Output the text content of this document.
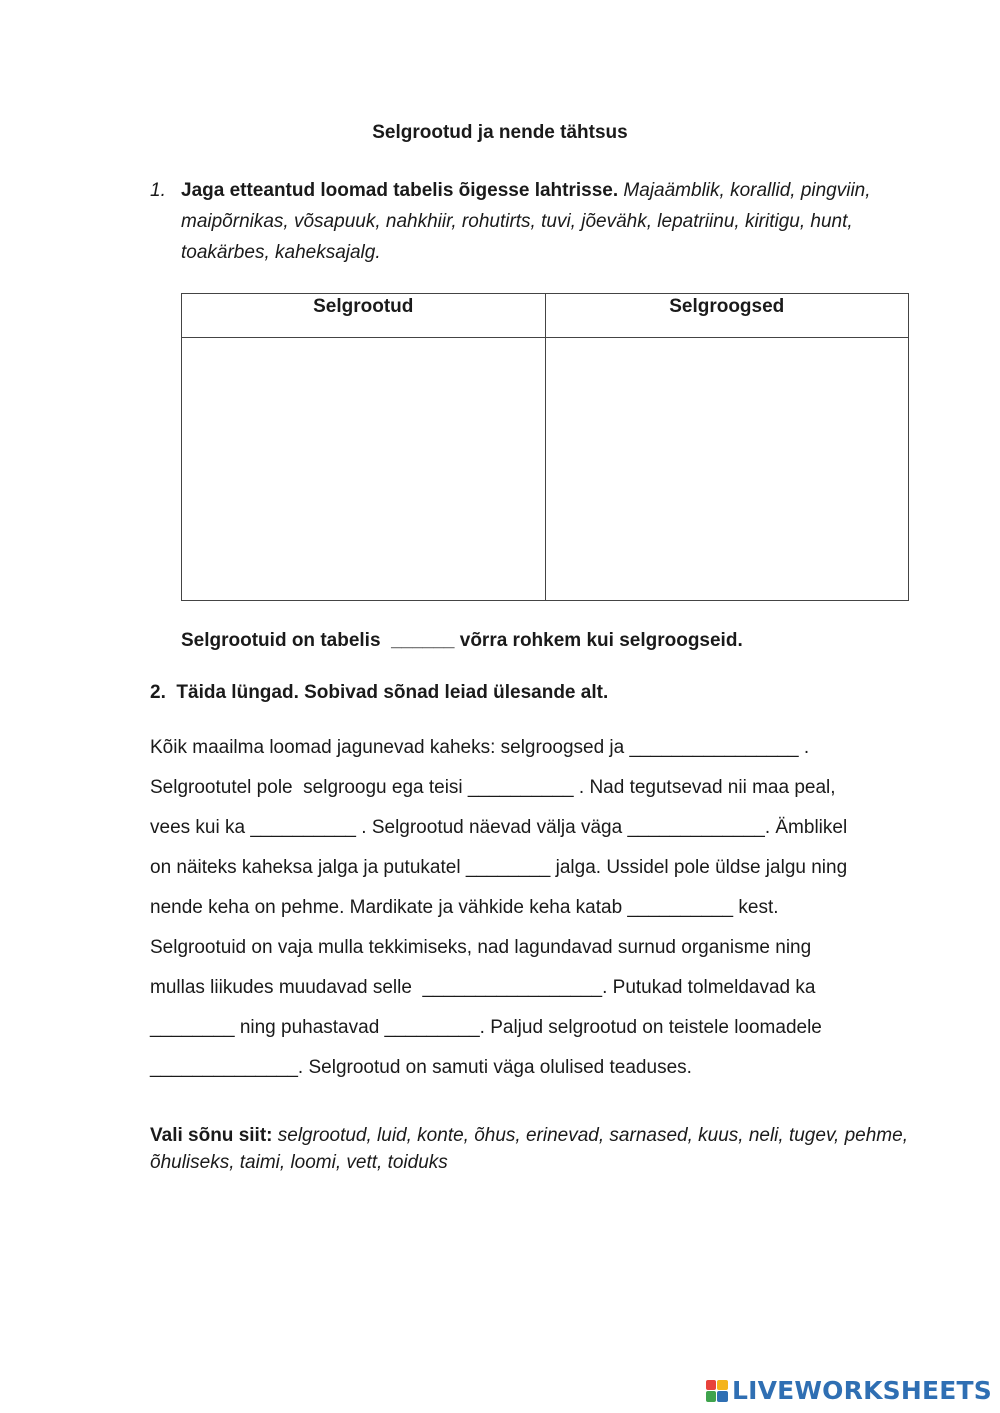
Selgrootud ja nende tähtsus
1. Jaga etteantud loomad tabelis õigesse lahtrisse. Majaämblik, korallid, pingviin, maipõrnikas, võsapuuk, nahkhiir, rohutirts, tuvi, jõevähk, lepatriinu, kiritigu, hunt, toakärbes, kaheksajalg.
Selgrootud	Selgroogsed

Selgrootuid on tabelis  ______ võrra rohkem kui selgroogseid.
2.  Täida lüngad. Sobivad sõnad leiad ülesande alt.
Kõik maailma loomad jagunevad kaheks: selgroogsed ja ________________ .
Selgrootutel pole  selgroogu ega teisi __________ . Nad tegutsevad nii maa peal,
vees kui ka __________ . Selgrootud näevad välja väga _____________. Ämblikel
on näiteks kaheksa jalga ja putukatel ________ jalga. Ussidel pole üldse jalgu ning
nende keha on pehme. Mardikate ja vähkide keha katab __________ kest.
Selgrootuid on vaja mulla tekkimiseks, nad lagundavad surnud organisme ning
mullas liikudes muudavad selle  _________________. Putukad tolmeldavad ka
________ ning puhastavad _________. Paljud selgrootud on teistele loomadele
______________. Selgrootud on samuti väga olulised teaduses.
Vali sõnu siit: selgrootud, luid, konte, õhus, erinevad, sarnased, kuus, neli, tugev, pehme, õhuliseks, taimi, loomi, vett, toiduks
LIVEWORKSHEETS
